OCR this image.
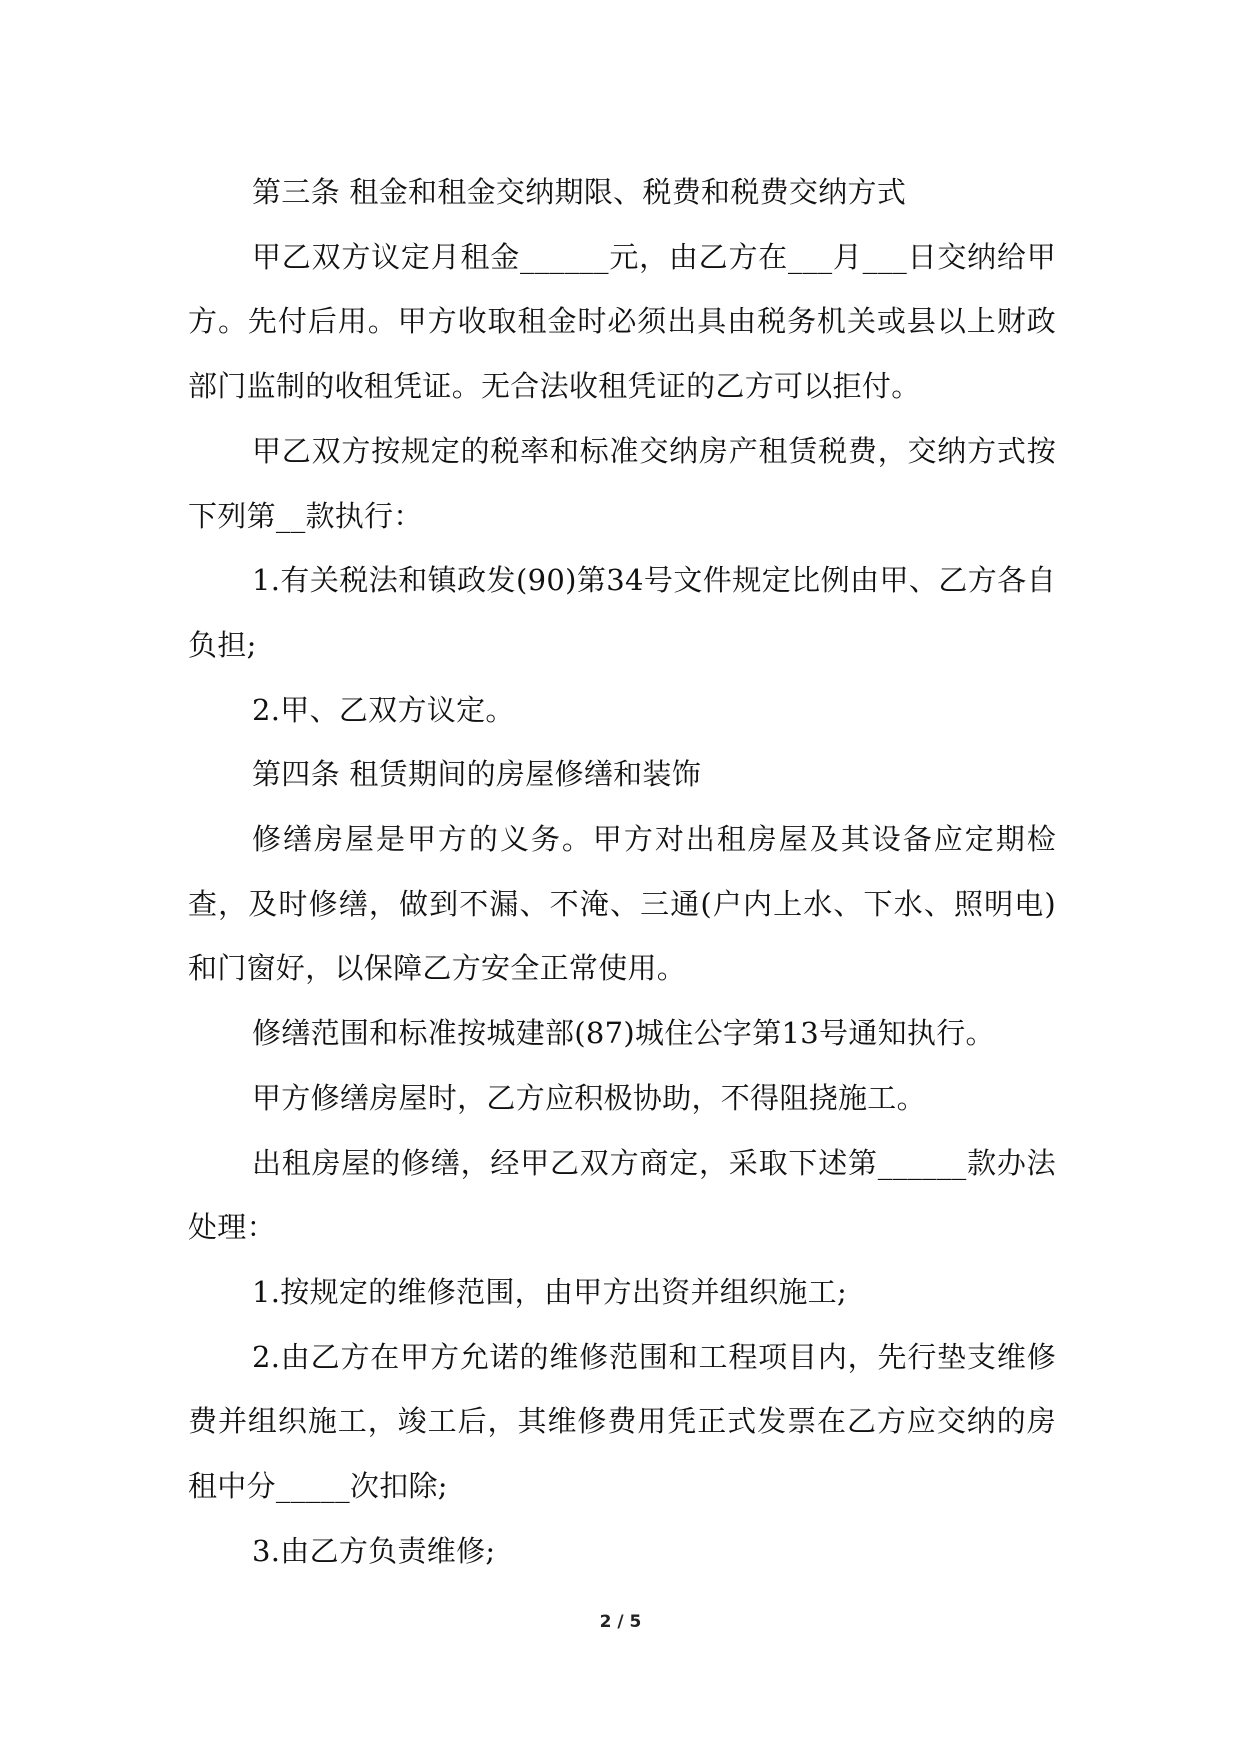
第三条 租金和租金交纳期限、税费和税费交纳方式

甲乙双方议定月租金______元，由乙方在___月___日交纳给甲方。先付后用。甲方收取租金时必须出具由税务机关或县以上财政部门监制的收租凭证。无合法收租凭证的乙方可以拒付。

甲乙双方按规定的税率和标准交纳房产租赁税费，交纳方式按下列第__款执行：

1.有关税法和镇政发(90)第34号文件规定比例由甲、乙方各自负担;

2.甲、乙双方议定。

第四条 租赁期间的房屋修缮和装饰

修缮房屋是甲方的义务。甲方对出租房屋及其设备应定期检查，及时修缮，做到不漏、不淹、三通(户内上水、下水、照明电)和门窗好，以保障乙方安全正常使用。

修缮范围和标准按城建部(87)城住公字第13号通知执行。

甲方修缮房屋时，乙方应积极协助，不得阻挠施工。

出租房屋的修缮，经甲乙双方商定，采取下述第______款办法处理：

1.按规定的维修范围，由甲方出资并组织施工;

2.由乙方在甲方允诺的维修范围和工程项目内，先行垫支维修费并组织施工，竣工后，其维修费用凭正式发票在乙方应交纳的房租中分_____次扣除;

3.由乙方负责维修;

2 / 5
